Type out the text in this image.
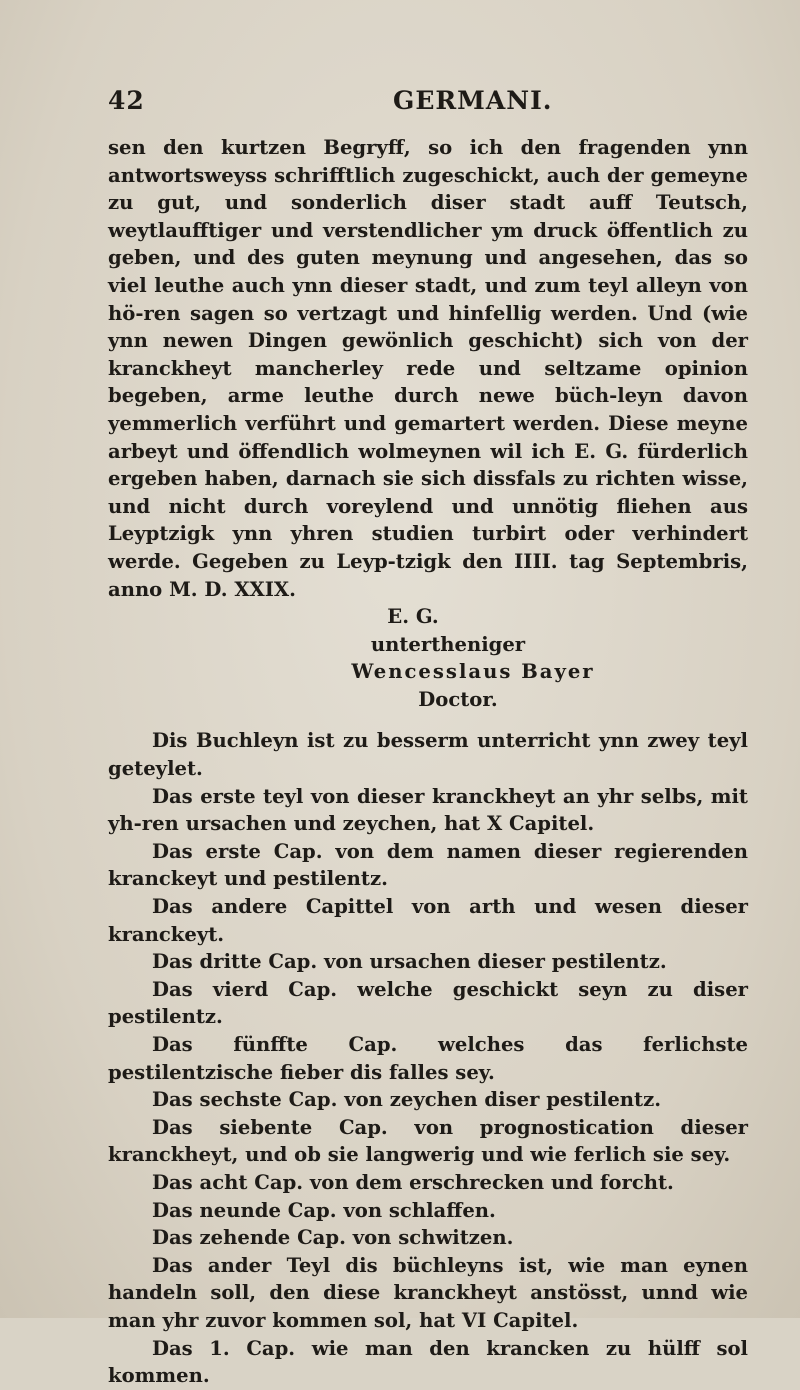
42	GERMANI.

sen den kurtzen Begryff, so ich den fragenden ynn antwortsweyss schrifftlich zugeschickt, auch der gemeyne zu gut, und sonderlich diser stadt auff Teutsch, weytlaufftiger und verstendlicher ym druck öffentlich zu geben, und des guten meynung und angesehen, das so viel leuthe auch ynn dieser stadt, und zum teyl alleyn von hö-ren sagen so vertzagt und hinfellig werden. Und (wie ynn newen Dingen gewönlich geschicht) sich von der kranckheyt mancherley rede und seltzame opinion begeben, arme leuthe durch newe büch-leyn davon yemmerlich verführt und gemartert werden. Diese meyne arbeyt und öffendlich wolmeynen wil ich E. G. fürderlich ergeben haben, darnach sie sich dissfals zu richten wisse, und nicht durch voreylend und unnötig fliehen aus Leyptzigk ynn yhren studien turbirt oder verhindert werde. Gegeben zu Leyp-tzigk den IIII. tag Septembris, anno M. D. XXIX.

E. G.

untertheniger

Wencesslaus Bayer

Doctor.

Dis Buchleyn ist zu besserm unterricht ynn zwey teyl geteylet.

Das erste teyl von dieser kranckheyt an yhr selbs, mit yh-ren ursachen und zeychen, hat X Capitel.

Das erste Cap. von dem namen dieser regierenden kranckeyt und pestilentz.

Das andere Capittel von arth und wesen dieser kranckeyt.

Das dritte Cap. von ursachen dieser pestilentz.

Das vierd Cap. welche geschickt seyn zu diser pestilentz.

Das fünffte Cap. welches das ferlichste pestilentzische fieber dis falles sey.

Das sechste Cap. von zeychen diser pestilentz.

Das siebente Cap. von prognostication dieser kranckheyt, und ob sie langwerig und wie ferlich sie sey.

Das acht Cap. von dem erschrecken und forcht.

Das neunde Cap. von schlaffen.

Das zehende Cap. von schwitzen.

Das ander Teyl dis büchleyns ist, wie man eynen handeln soll, den diese kranckheyt anstösst, unnd wie man yhr zuvor kommen sol, hat VI Capitel.

Das 1. Cap. wie man den krancken zu hülff sol kommen.
